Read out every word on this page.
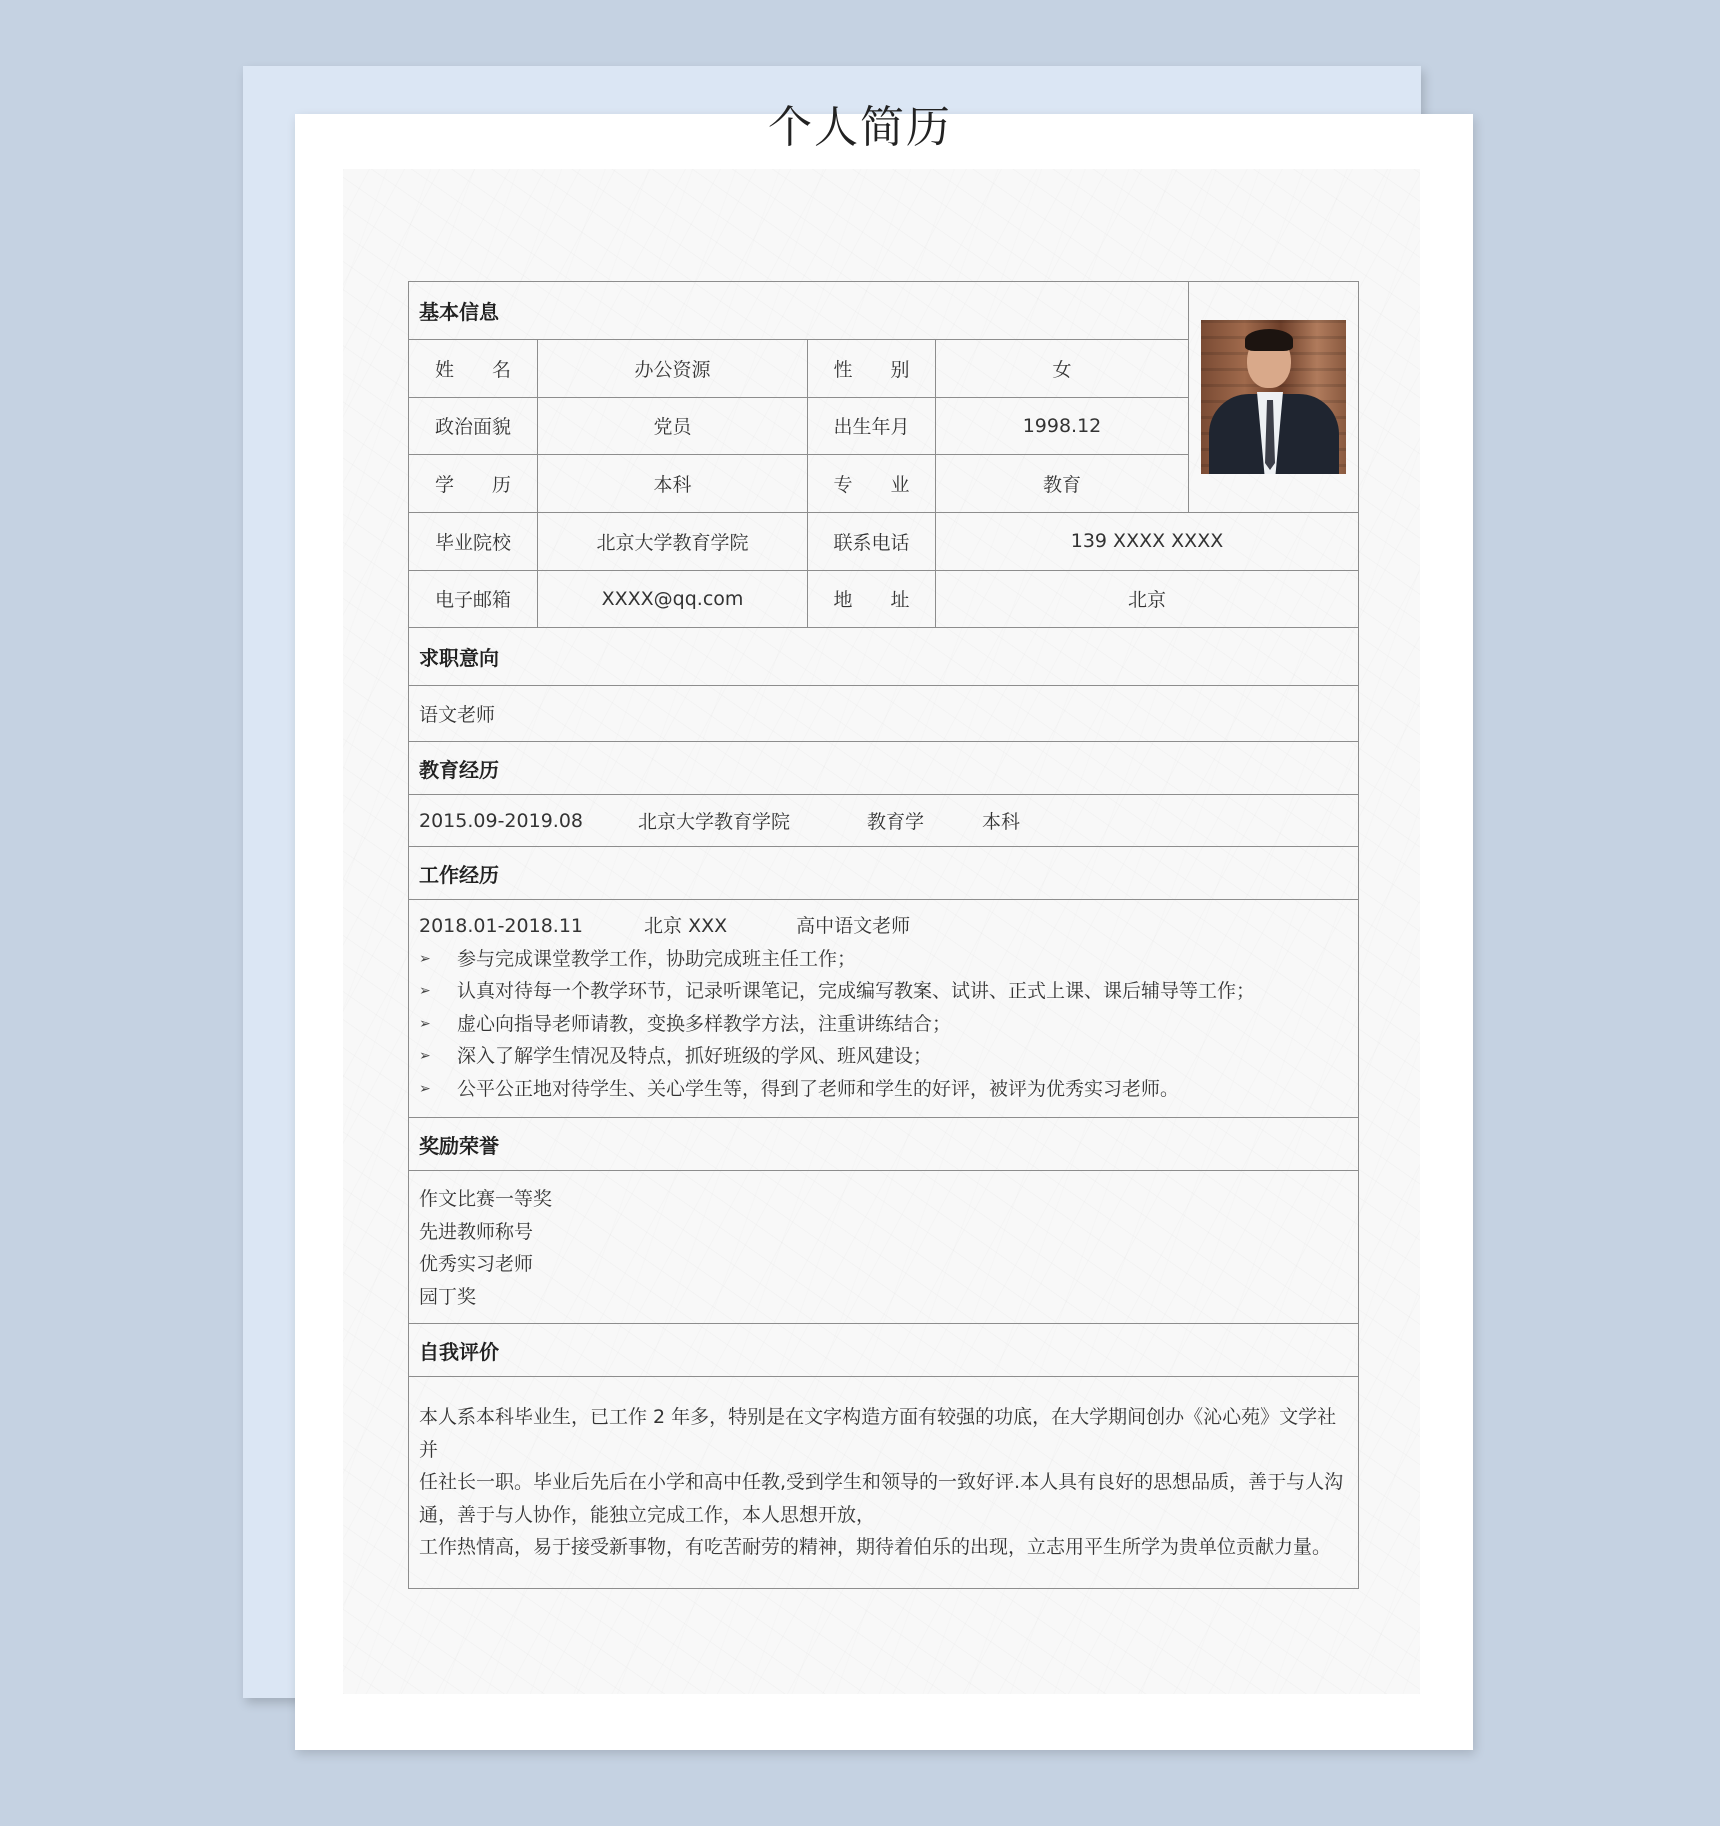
个人简历
基本信息
姓　　名	办公资源	性　　别	女
政治面貌	党员	出生年月	1998.12
学　　历	本科	专　　业	教育
毕业院校	北京大学教育学院	联系电话	139 XXXX XXXX
电子邮箱	XXXX@qq.com	地　　址	北京
求职意向
语文老师
教育经历
2015.09-2019.08	北京大学教育学院	教育学	本科
工作经历
2018.01-2018.11	北京 XXX	高中语文老师
➢	参与完成课堂教学工作，协助完成班主任工作；
➢	认真对待每一个教学环节，记录听课笔记，完成编写教案、试讲、正式上课、课后辅导等工作；
➢	虚心向指导老师请教，变换多样教学方法，注重讲练结合；
➢	深入了解学生情况及特点，抓好班级的学风、班风建设；
➢	公平公正地对待学生、关心学生等，得到了老师和学生的好评，被评为优秀实习老师。
奖励荣誉
作文比赛一等奖
先进教师称号
优秀实习老师
园丁奖
自我评价
本人系本科毕业生，已工作 2 年多，特别是在文字构造方面有较强的功底，在大学期间创办《沁心苑》文学社并
任社长一职。毕业后先后在小学和高中任教,受到学生和领导的一致好评.本人具有良好的思想品质，善于与人沟
通，善于与人协作，能独立完成工作，本人思想开放，
工作热情高，易于接受新事物，有吃苦耐劳的精神，期待着伯乐的出现，立志用平生所学为贵单位贡献力量。
